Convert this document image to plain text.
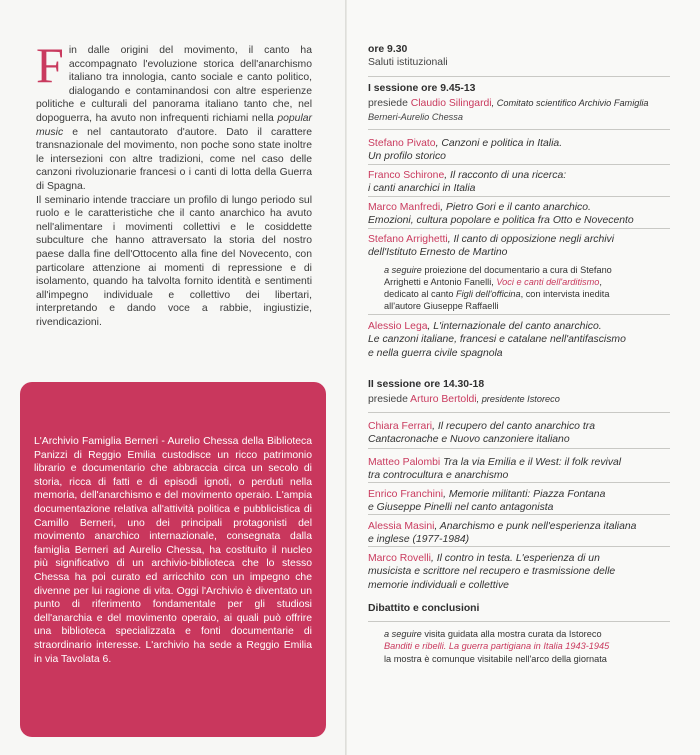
Fin dalle origini del movimento, il canto ha accompagnato l'evoluzione storica dell'anarchismo italiano tra innologia, canto sociale e canto politico, dialogando e contaminandosi con altre esperienze politiche e culturali del panorama italiano tanto che, nel dopoguerra, ha avuto non infrequenti richiami nella popular music e nel cantautorato d'autore. Dato il carattere transnazionale del movimento, non poche sono state inoltre le intersezioni con altre tradizioni, come nel caso delle canzoni rivoluzionarie francesi o i canti di lotta della Guerra di Spagna.
Il seminario intende tracciare un profilo di lungo periodo sul ruolo e le caratteristiche che il canto anarchico ha avuto nell'alimentare i movimenti collettivi e le cosiddette subculture che hanno attraversato la storia del nostro paese dalla fine dell'Ottocento alla fine del Novecento, con particolare attenzione ai momenti di repressione e di isolamento, quando ha talvolta fornito identità e sentimenti all'impegno individuale e collettivo dei libertari, interpretando e dando voce a rabbie, ingiustizie, rivendicazioni.
L'Archivio Famiglia Berneri - Aurelio Chessa della Biblioteca Panizzi di Reggio Emilia custodisce un ricco patrimonio librario e documentario che abbraccia circa un secolo di storia, ricca di fatti e di episodi ignoti, o perduti nella memoria, dell'anarchismo e del movimento operaio. L'ampia documentazione relativa all'attività politica e pubblicistica di Camillo Berneri, uno dei principali protagonisti del movimento anarchico internazionale, consegnata dalla famiglia Berneri ad Aurelio Chessa, ha costituito il nucleo più significativo di un archivio-biblioteca che lo stesso Chessa ha poi curato ed arricchito con un impegno che divenne per lui ragione di vita. Oggi l'Archivio è diventato un punto di riferimento fondamentale per gli studiosi dell'anarchia e del movimento operaio, ai quali può offrire una biblioteca specializzata e fonti documentarie di straordinario interesse. L'archivio ha sede a Reggio Emilia in via Tavolata 6.
ore 9.30
Saluti istituzionali
I sessione ore 9.45-13
presiede Claudio Silingardi, Comitato scientifico Archivio Famiglia
Berneri-Aurelio Chessa
Stefano Pivato, Canzoni e politica in Italia.
Un profilo storico
Franco Schirone, Il racconto di una ricerca:
i canti anarchici in Italia
Marco Manfredi, Pietro Gori e il canto anarchico.
Emozioni, cultura popolare e politica fra Otto e Novecento
Stefano Arrighetti, Il canto di opposizione negli archivi
dell'Istituto Ernesto de Martino
a seguire proiezione del documentario a cura di Stefano
Arrighetti e Antonio Fanelli, Voci e canti dell'arditismo,
dedicato al canto Figli dell'officina, con intervista inedita
all'autore Giuseppe Raffaelli
Alessio Lega, L'internazionale del canto anarchico.
Le canzoni italiane, francesi e catalane nell'antifascismo
e nella guerra civile spagnola
II sessione ore 14.30-18
presiede Arturo Bertoldi, presidente Istoreco
Chiara Ferrari, Il recupero del canto anarchico tra
Cantacronache e Nuovo canzoniere italiano
Matteo Palombi Tra la via Emilia e il West: il folk revival
tra controcultura e anarchismo
Enrico Franchini, Memorie militanti: Piazza Fontana
e Giuseppe Pinelli nel canto antagonista
Alessia Masini, Anarchismo e punk nell'esperienza italiana
e inglese (1977-1984)
Marco Rovelli, Il contro in testa. L'esperienza di un
musicista e scrittore nel recupero e trasmissione delle
memorie individuali e collettive
Dibattito e conclusioni
a seguire visita guidata alla mostra curata da Istoreco
Banditi e ribelli. La guerra partigiana in Italia 1943-1945
la mostra è comunque visitabile nell'arco della giornata
